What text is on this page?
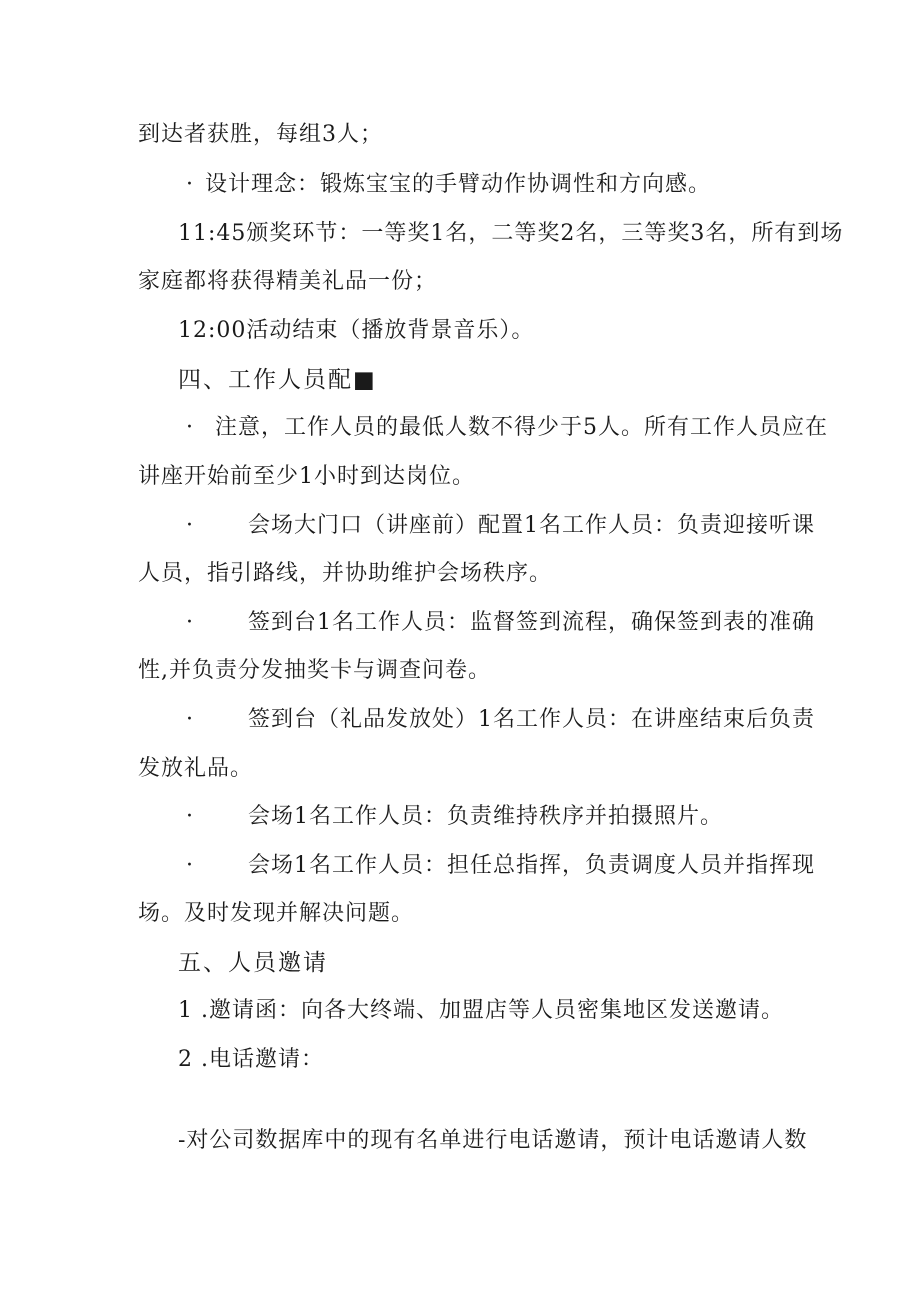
到达者获胜，每组3人；
· 设计理念：锻炼宝宝的手臂动作协调性和方向感。
11:45颁奖环节：一等奖1名，二等奖2名，三等奖3名，所有到场
家庭都将获得精美礼品一份；
12:00活动结束（播放背景音乐）。
四、工作人员配■
· 注意，工作人员的最低人数不得少于5人。所有工作人员应在
讲座开始前至少1小时到达岗位。
·	会场大门口（讲座前）配置1名工作人员：负责迎接听课
人员，指引路线，并协助维护会场秩序。
·	签到台1名工作人员：监督签到流程，确保签到表的准确
性,并负责分发抽奖卡与调查问卷。
·	签到台（礼品发放处）1名工作人员：在讲座结束后负责
发放礼品。
·	会场1名工作人员：负责维持秩序并拍摄照片。
·	会场1名工作人员：担任总指挥，负责调度人员并指挥现
场。及时发现并解决问题。
五、人员邀请
1 .邀请函：向各大终端、加盟店等人员密集地区发送邀请。
2 .电话邀请：
-对公司数据库中的现有名单进行电话邀请，预计电话邀请人数
